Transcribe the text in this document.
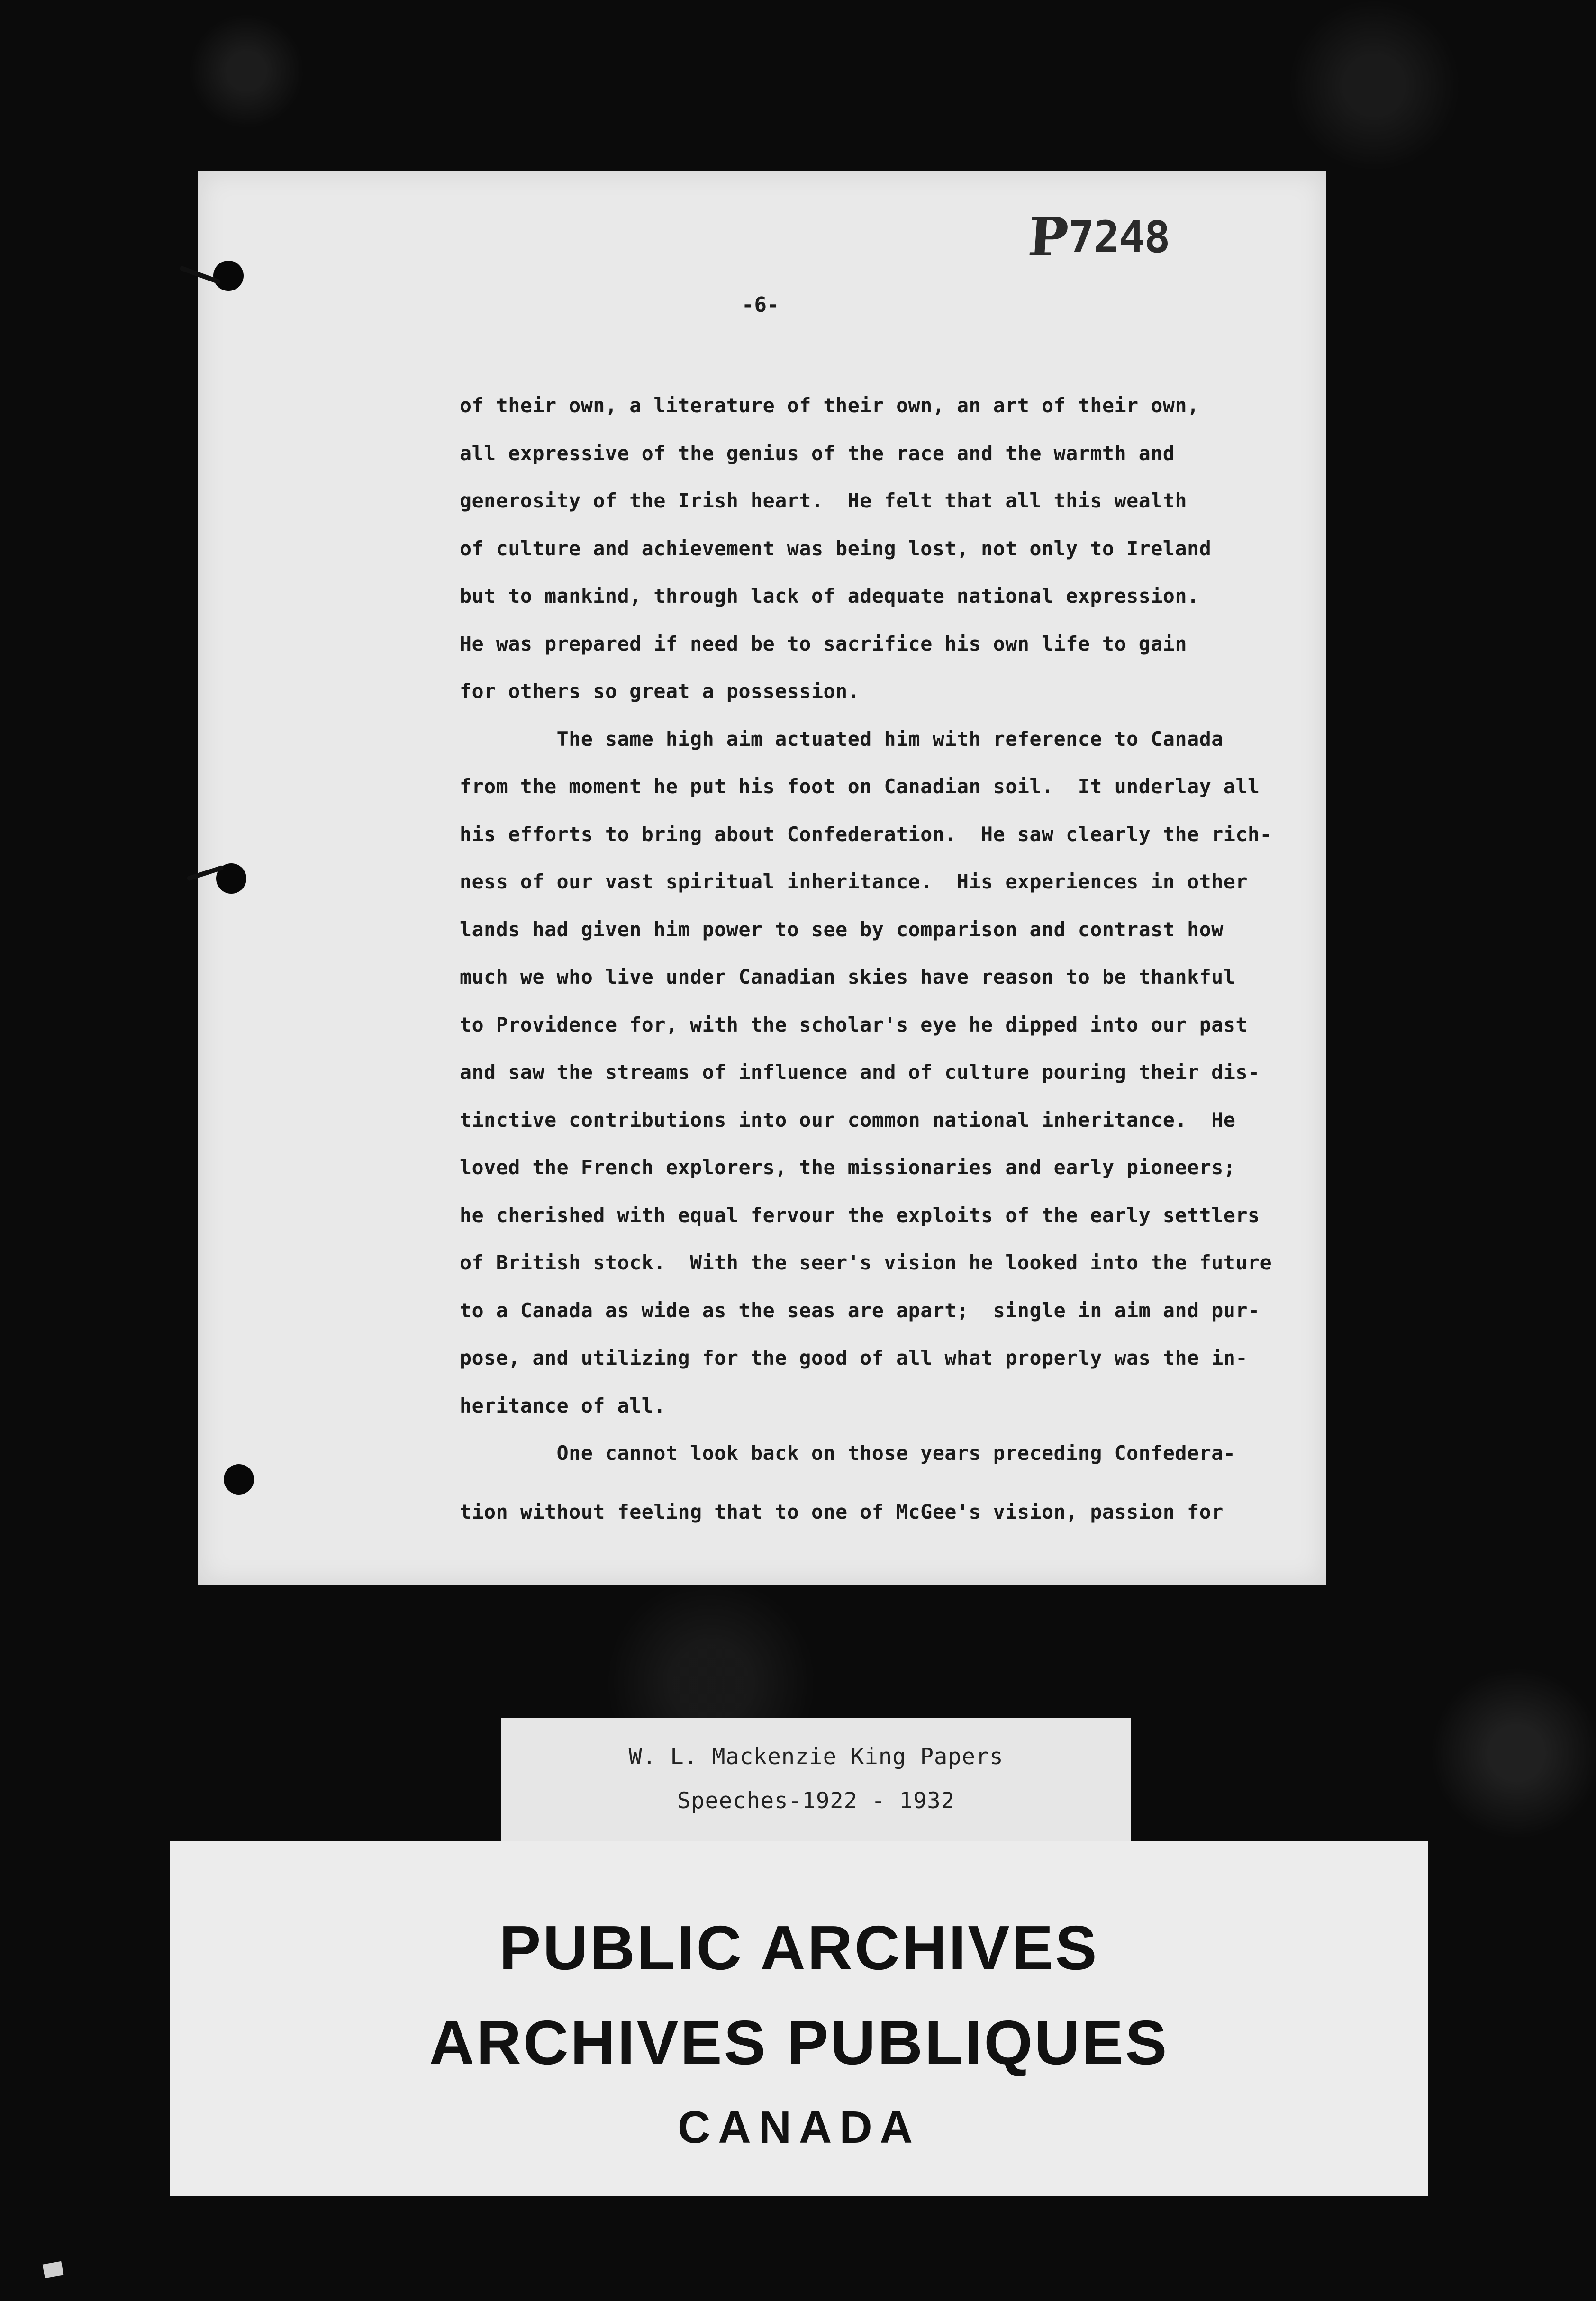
P 7248
-6-
of their own, a literature of their own, an art of their own,
all expressive of the genius of the race and the warmth and
generosity of the Irish heart.  He felt that all this wealth
of culture and achievement was being lost, not only to Ireland
but to mankind, through lack of adequate national expression.
He was prepared if need be to sacrifice his own life to gain
for others so great a possession.
The same high aim actuated him with reference to Canada
from the moment he put his foot on Canadian soil.  It underlay all
his efforts to bring about Confederation.  He saw clearly the rich-
ness of our vast spiritual inheritance.  His experiences in other
lands had given him power to see by comparison and contrast how
much we who live under Canadian skies have reason to be thankful
to Providence for, with the scholar's eye he dipped into our past
and saw the streams of influence and of culture pouring their dis-
tinctive contributions into our common national inheritance.  He
loved the French explorers, the missionaries and early pioneers;
he cherished with equal fervour the exploits of the early settlers
of British stock.  With the seer's vision he looked into the future
to a Canada as wide as the seas are apart;  single in aim and pur-
pose, and utilizing for the good of all what properly was the in-
heritance of all.
One cannot look back on those years preceding Confedera-
tion without feeling that to one of McGee's vision, passion for
W. L. Mackenzie King Papers
Speeches-1922 - 1932
PUBLIC ARCHIVES
ARCHIVES PUBLIQUES
CANADA
